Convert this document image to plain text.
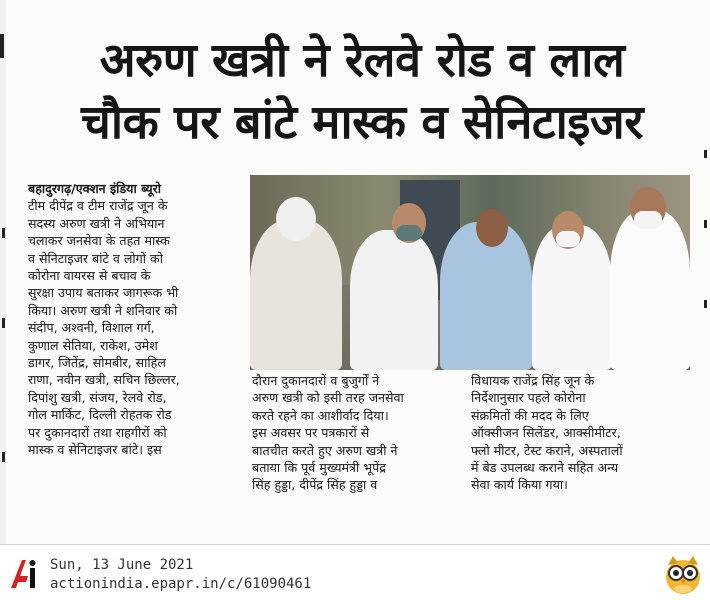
अरुण खत्री ने रेलवे रोड व लाल
चौक पर बांटे मास्क व सेनिटाइजर

बहादुरगढ़/एक्शन इंडिया ब्यूरो

टीम दीपेंद्र व टीम राजेंद्र जून के

सदस्य अरुण खत्री ने अभियान

चलाकर जनसेवा के तहत मास्क

व सेनिटाइजर बांटे व लोगों को

कोरोना वायरस से बचाव के

सुरक्षा उपाय बताकर जागरूक भी

किया। अरुण खत्री ने शनिवार को

संदीप, अश्वनी, विशाल गर्ग,

कुणाल सेतिया, राकेश, उमेश

डागर, जितेंद्र, सोमबीर, साहिल

राणा, नवीन खत्री, सचिन छिल्लर,

दिपांशु खत्री, संजय, रेलवे रोड,

गोल मार्किट, दिल्ली रोहतक रोड

पर दुकानदारों तथा राहगीरों को

मास्क व सेनिटाइजर बांटे। इस

दौरान दुकानदारों व बुजुर्गों ने

अरुण खत्री को इसी तरह जनसेवा

करते रहने का आशीर्वाद दिया।

इस अवसर पर पत्रकारों से

बातचीत करते हुए अरुण खत्री ने

बताया कि पूर्व मुख्यमंत्री भूपेंद्र

सिंह हुड्डा, दीपेंद्र सिंह हुड्डा व

विधायक राजेंद्र सिंह जून के

निर्देशानुसार पहले कोरोना

संक्रमितों की मदद के लिए

ऑक्सीजन सिलेंडर, आक्सीमीटर,

फ्लो मीटर, टेस्ट कराने, अस्पतालों

में बेड उपलब्ध कराने सहित अन्य

सेवा कार्य किया गया।

Sun, 13 June 2021
actionindia.epapr.in/c/61090461
